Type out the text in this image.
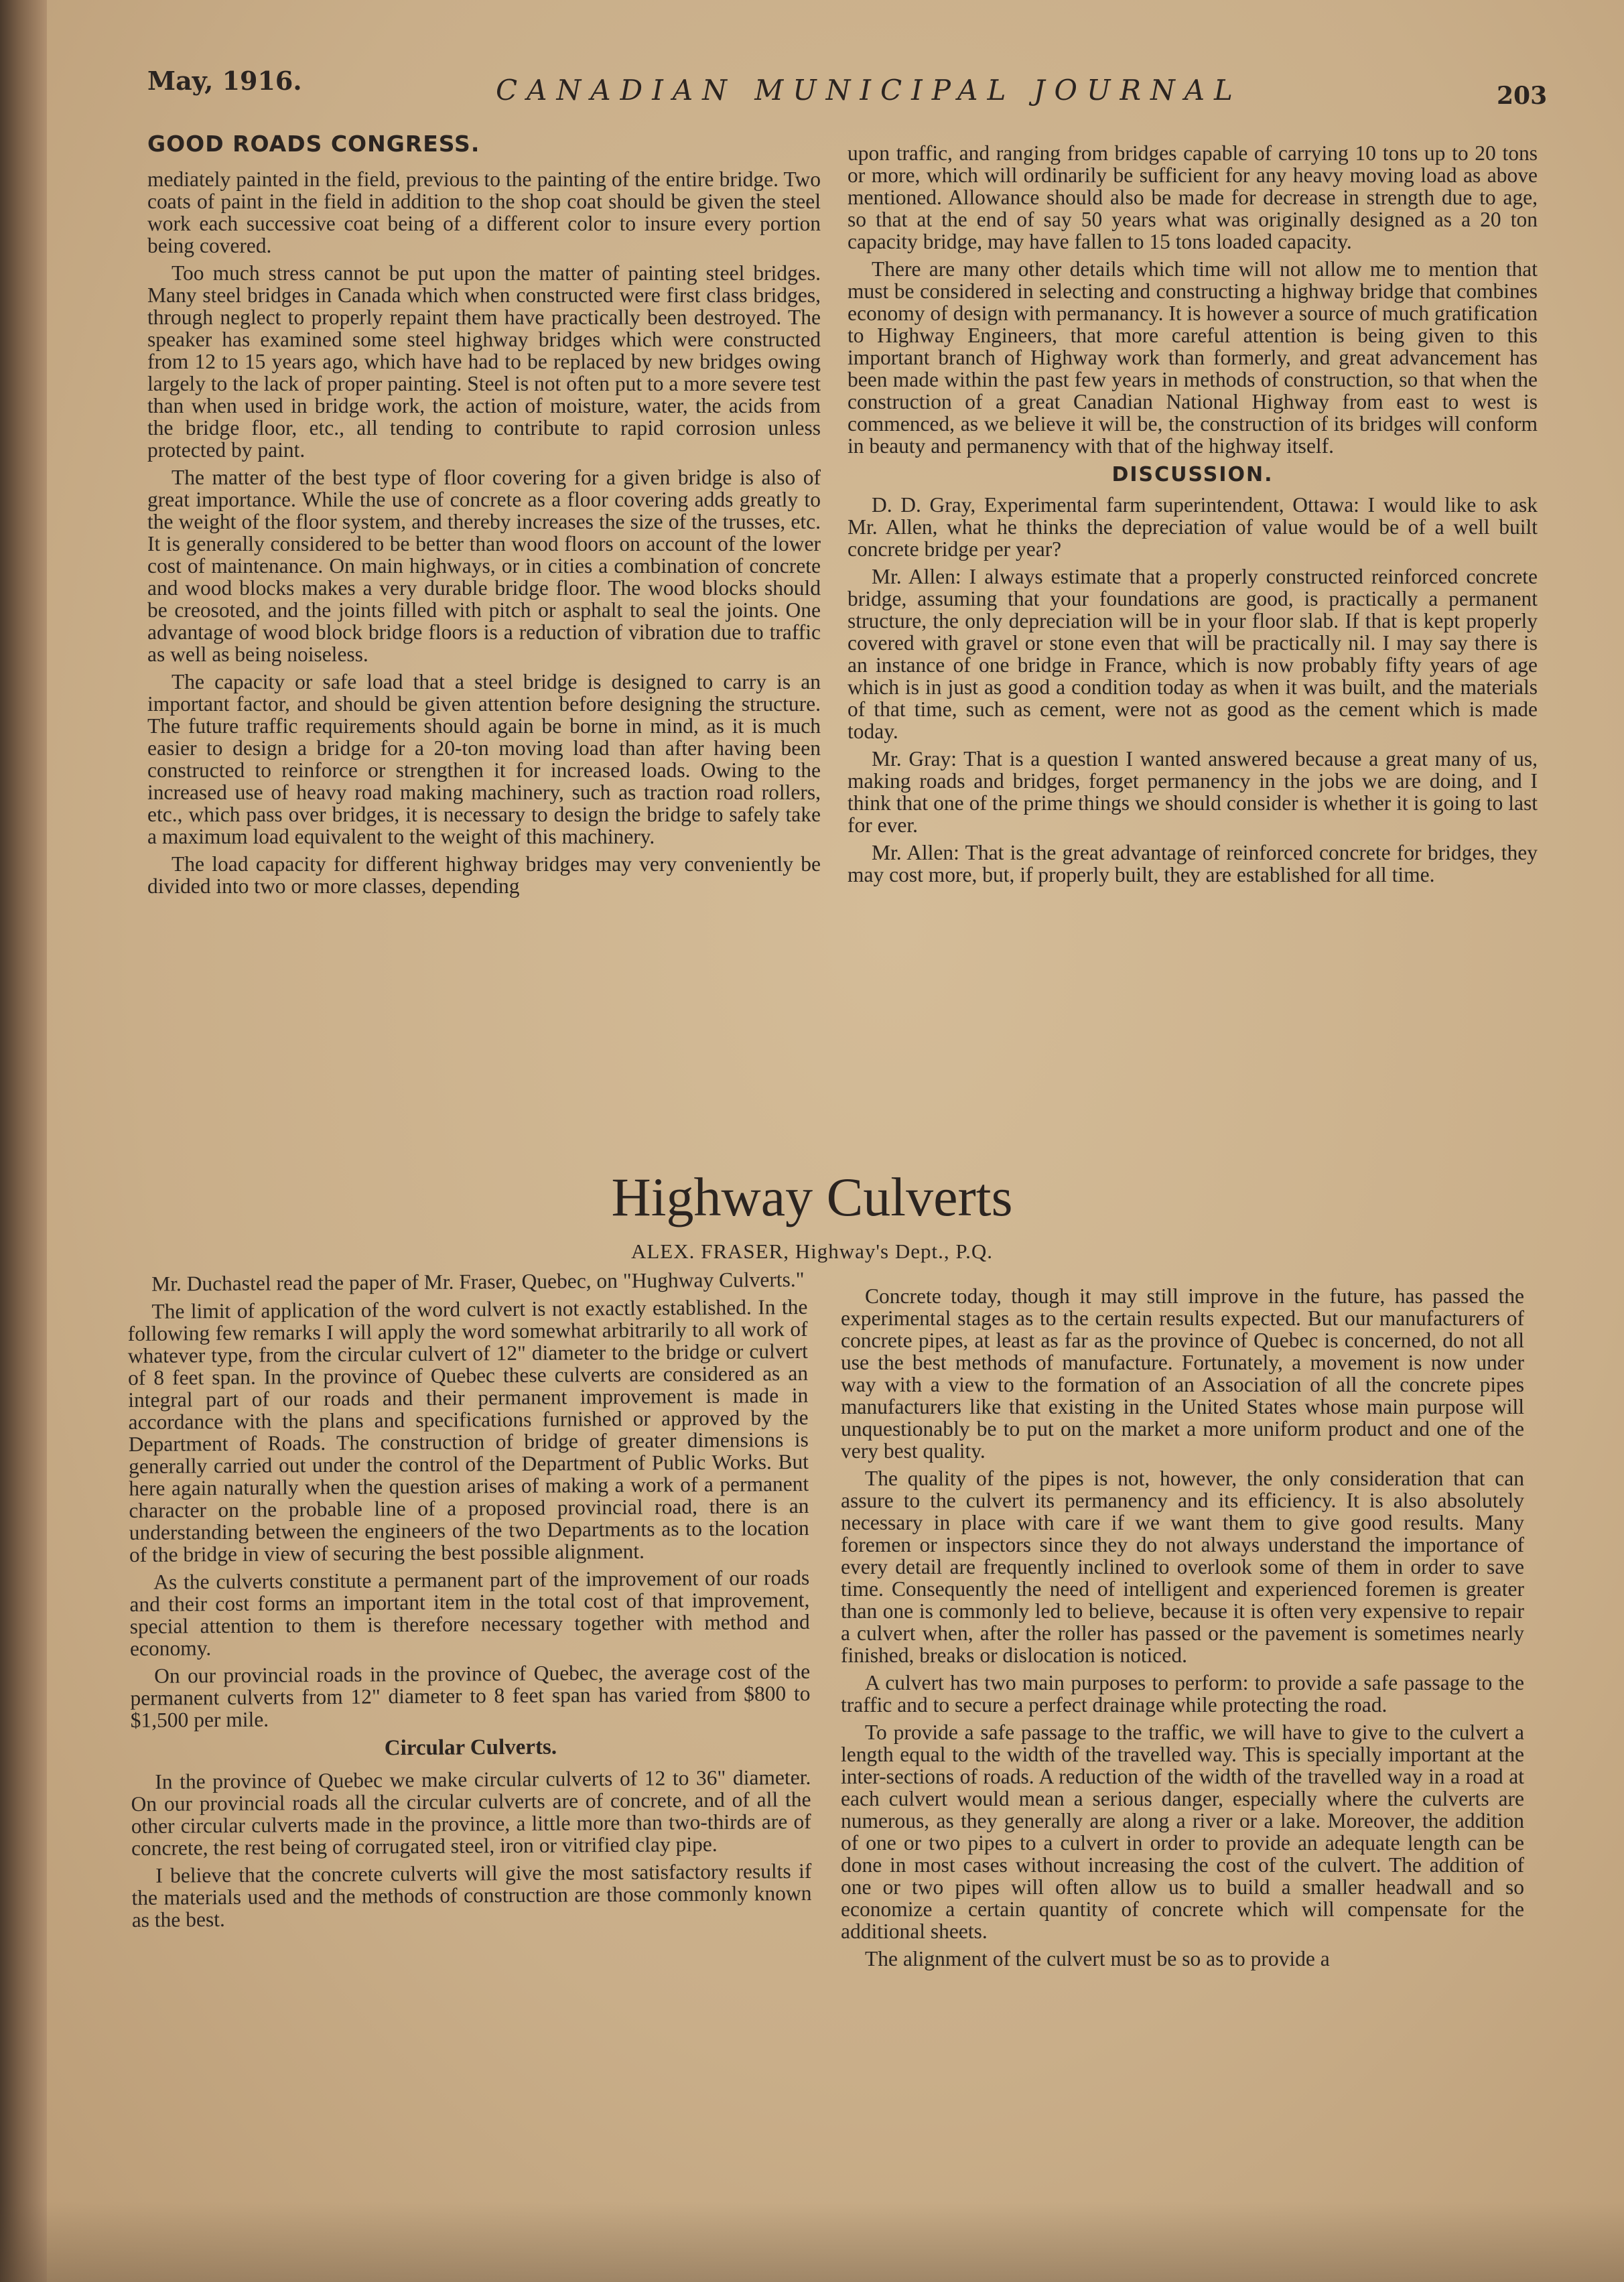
May, 1916.	CANADIAN MUNICIPAL JOURNAL	203
GOOD ROADS CONGRESS.

mediately painted in the field, previous to the painting of the entire bridge. Two coats of paint in the field in addition to the shop coat should be given the steel work each successive coat being of a different color to insure every portion being covered.

Too much stress cannot be put upon the matter of painting steel bridges. Many steel bridges in Canada which when constructed were first class bridges, through neglect to properly repaint them have practically been destroyed. The speaker has examined some steel highway bridges which were constructed from 12 to 15 years ago, which have had to be replaced by new bridges owing largely to the lack of proper painting. Steel is not often put to a more severe test than when used in bridge work, the action of moisture, water, the acids from the bridge floor, etc., all tending to contribute to rapid corrosion unless protected by paint.

The matter of the best type of floor covering for a given bridge is also of great importance. While the use of concrete as a floor covering adds greatly to the weight of the floor system, and thereby increases the size of the trusses, etc. It is generally considered to be better than wood floors on account of the lower cost of maintenance. On main highways, or in cities a combination of concrete and wood blocks makes a very durable bridge floor. The wood blocks should be creosoted, and the joints filled with pitch or asphalt to seal the joints. One advantage of wood block bridge floors is a reduction of vibration due to traffic as well as being noiseless.

The capacity or safe load that a steel bridge is designed to carry is an important factor, and should be given attention before designing the structure. The future traffic requirements should again be borne in mind, as it is much easier to design a bridge for a 20-ton moving load than after having been constructed to reinforce or strengthen it for increased loads. Owing to the increased use of heavy road making machinery, such as traction road rollers, etc., which pass over bridges, it is necessary to design the bridge to safely take a maximum load equivalent to the weight of this machinery.

The load capacity for different highway bridges may very conveniently be divided into two or more classes, depending

upon traffic, and ranging from bridges capable of carrying 10 tons up to 20 tons or more, which will ordinarily be sufficient for any heavy moving load as above mentioned. Allowance should also be made for decrease in strength due to age, so that at the end of say 50 years what was originally designed as a 20 ton capacity bridge, may have fallen to 15 tons loaded capacity.

There are many other details which time will not allow me to mention that must be considered in selecting and constructing a highway bridge that combines economy of design with permanancy. It is however a source of much gratification to Highway Engineers, that more careful attention is being given to this important branch of Highway work than formerly, and great advancement has been made within the past few years in methods of construction, so that when the construction of a great Canadian National Highway from east to west is commenced, as we believe it will be, the construction of its bridges will conform in beauty and permanency with that of the highway itself.

DISCUSSION.

D. D. Gray, Experimental farm superintendent, Ottawa: I would like to ask Mr. Allen, what he thinks the depreciation of value would be of a well built concrete bridge per year?

Mr. Allen: I always estimate that a properly constructed reinforced concrete bridge, assuming that your foundations are good, is practically a permanent structure, the only depreciation will be in your floor slab. If that is kept properly covered with gravel or stone even that will be practically nil. I may say there is an instance of one bridge in France, which is now probably fifty years of age which is in just as good a condition today as when it was built, and the materials of that time, such as cement, were not as good as the cement which is made today.

Mr. Gray: That is a question I wanted answered because a great many of us, making roads and bridges, forget permanency in the jobs we are doing, and I think that one of the prime things we should consider is whether it is going to last for ever.

Mr. Allen: That is the great advantage of reinforced concrete for bridges, they may cost more, but, if properly built, they are established for all time.

Highway Culverts
ALEX. FRASER, Highway's Dept., P.Q.

Mr. Duchastel read the paper of Mr. Fraser, Quebec, on "Hughway Culverts."

The limit of application of the word culvert is not exactly established. In the following few remarks I will apply the word somewhat arbitrarily to all work of whatever type, from the circular culvert of 12" diameter to the bridge or culvert of 8 feet span. In the province of Quebec these culverts are considered as an integral part of our roads and their permanent improvement is made in accordance with the plans and specifications furnished or approved by the Department of Roads. The construction of bridge of greater dimensions is generally carried out under the control of the Department of Public Works. But here again naturally when the question arises of making a work of a permanent character on the probable line of a proposed provincial road, there is an understanding between the engineers of the two Departments as to the location of the bridge in view of securing the best possible alignment.

As the culverts constitute a permanent part of the improvement of our roads and their cost forms an important item in the total cost of that improvement, special attention to them is therefore necessary together with method and economy.

On our provincial roads in the province of Quebec, the average cost of the permanent culverts from 12" diameter to 8 feet span has varied from $800 to $1,500 per mile.

Circular Culverts.

In the province of Quebec we make circular culverts of 12 to 36" diameter. On our provincial roads all the circular culverts are of concrete, and of all the other circular culverts made in the province, a little more than two-thirds are of concrete, the rest being of corrugated steel, iron or vitrified clay pipe.

I believe that the concrete culverts will give the most satisfactory results if the materials used and the methods of construction are those commonly known as the best.

Concrete today, though it may still improve in the future, has passed the experimental stages as to the certain results expected. But our manufacturers of concrete pipes, at least as far as the province of Quebec is concerned, do not all use the best methods of manufacture. Fortunately, a movement is now under way with a view to the formation of an Association of all the concrete pipes manufacturers like that existing in the United States whose main purpose will unquestionably be to put on the market a more uniform product and one of the very best quality.

The quality of the pipes is not, however, the only consideration that can assure to the culvert its permanency and its efficiency. It is also absolutely necessary in place with care if we want them to give good results. Many foremen or inspectors since they do not always understand the importance of every detail are frequently inclined to overlook some of them in order to save time. Consequently the need of intelligent and experienced foremen is greater than one is commonly led to believe, because it is often very expensive to repair a culvert when, after the roller has passed or the pavement is sometimes nearly finished, breaks or dislocation is noticed.

A culvert has two main purposes to perform: to provide a safe passage to the traffic and to secure a perfect drainage while protecting the road.

To provide a safe passage to the traffic, we will have to give to the culvert a length equal to the width of the travelled way. This is specially important at the inter-sections of roads. A reduction of the width of the travelled way in a road at each culvert would mean a serious danger, especially where the culverts are numerous, as they generally are along a river or a lake. Moreover, the addition of one or two pipes to a culvert in order to provide an adequate length can be done in most cases without increasing the cost of the culvert. The addition of one or two pipes will often allow us to build a smaller headwall and so economize a certain quantity of concrete which will compensate for the additional sheets.

The alignment of the culvert must be so as to provide a
